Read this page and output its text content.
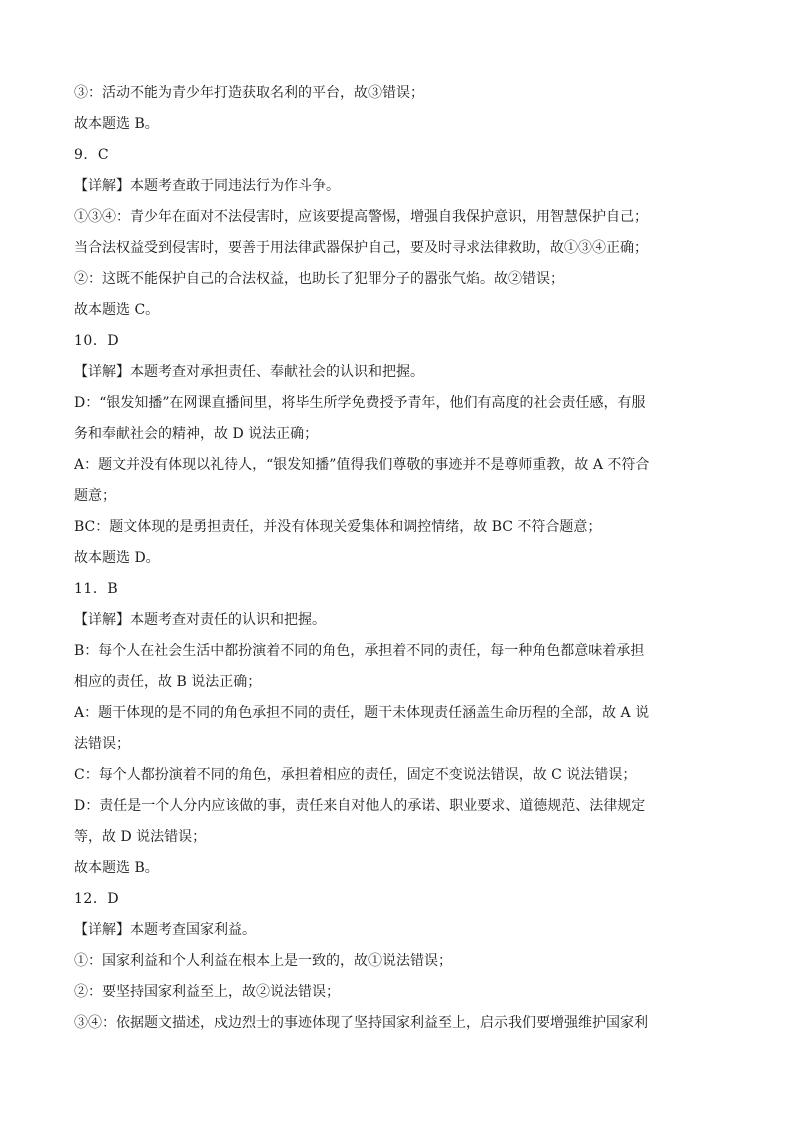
③：活动不能为青少年打造获取名利的平台，故③错误；
故本题选 B。
9．C
【详解】本题考查敢于同违法行为作斗争。
①③④：青少年在面对不法侵害时，应该要提高警惕，增强自我保护意识，用智慧保护自己；
当合法权益受到侵害时，要善于用法律武器保护自己，要及时寻求法律救助，故①③④正确；
②：这既不能保护自己的合法权益，也助长了犯罪分子的嚣张气焰。故②错误；
故本题选 C。
10．D
【详解】本题考查对承担责任、奉献社会的认识和把握。
D：“银发知播”在网课直播间里，将毕生所学免费授予青年，他们有高度的社会责任感，有服
务和奉献社会的精神，故 D 说法正确；
A：题文并没有体现以礼待人，“银发知播”值得我们尊敬的事迹并不是尊师重教，故 A 不符合
题意；
BC：题文体现的是勇担责任，并没有体现关爱集体和调控情绪，故 BC 不符合题意；
故本题选 D。
11．B
【详解】本题考查对责任的认识和把握。
B：每个人在社会生活中都扮演着不同的角色，承担着不同的责任，每一种角色都意味着承担
相应的责任，故 B 说法正确；
A：题干体现的是不同的角色承担不同的责任，题干未体现责任涵盖生命历程的全部，故 A 说
法错误；
C：每个人都扮演着不同的角色，承担着相应的责任，固定不变说法错误，故 C 说法错误；
D：责任是一个人分内应该做的事，责任来自对他人的承诺、职业要求、道德规范、法律规定
等，故 D 说法错误；
故本题选 B。
12．D
【详解】本题考查国家利益。
①：国家利益和个人利益在根本上是一致的，故①说法错误；
②：要坚持国家利益至上，故②说法错误；
③④：依据题文描述，戍边烈士的事迹体现了坚持国家利益至上，启示我们要增强维护国家利
